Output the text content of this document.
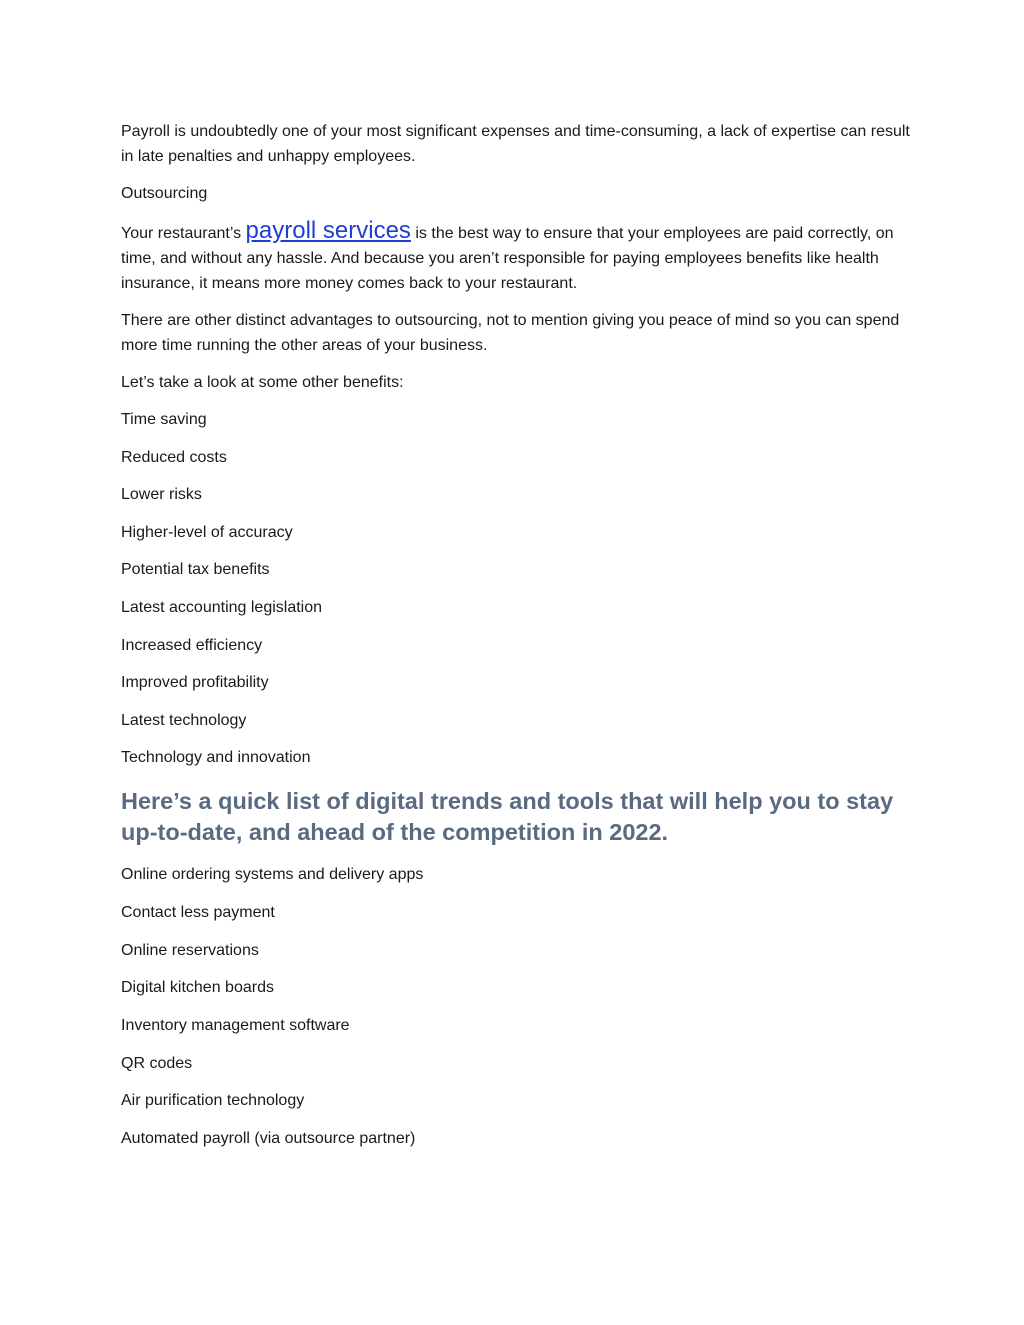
Payroll is undoubtedly one of your most significant expenses and time-consuming, a lack of expertise can result in late penalties and unhappy employees.

Outsourcing

Your restaurant’s payroll services is the best way to ensure that your employees are paid correctly, on time, and without any hassle. And because you aren’t responsible for paying employees benefits like health insurance, it means more money comes back to your restaurant.

There are other distinct advantages to outsourcing, not to mention giving you peace of mind so you can spend more time running the other areas of your business.

Let’s take a look at some other benefits:

Time saving
Reduced costs
Lower risks
Higher-level of accuracy
Potential tax benefits
Latest accounting legislation
Increased efficiency
Improved profitability
Latest technology
Technology and innovation
Here’s a quick list of digital trends and tools that will help you to stay up-to-date, and ahead of the competition in 2022.
Online ordering systems and delivery apps
Contact less payment
Online reservations
Digital kitchen boards
Inventory management software
QR codes
Air purification technology
Automated payroll (via outsource partner)
